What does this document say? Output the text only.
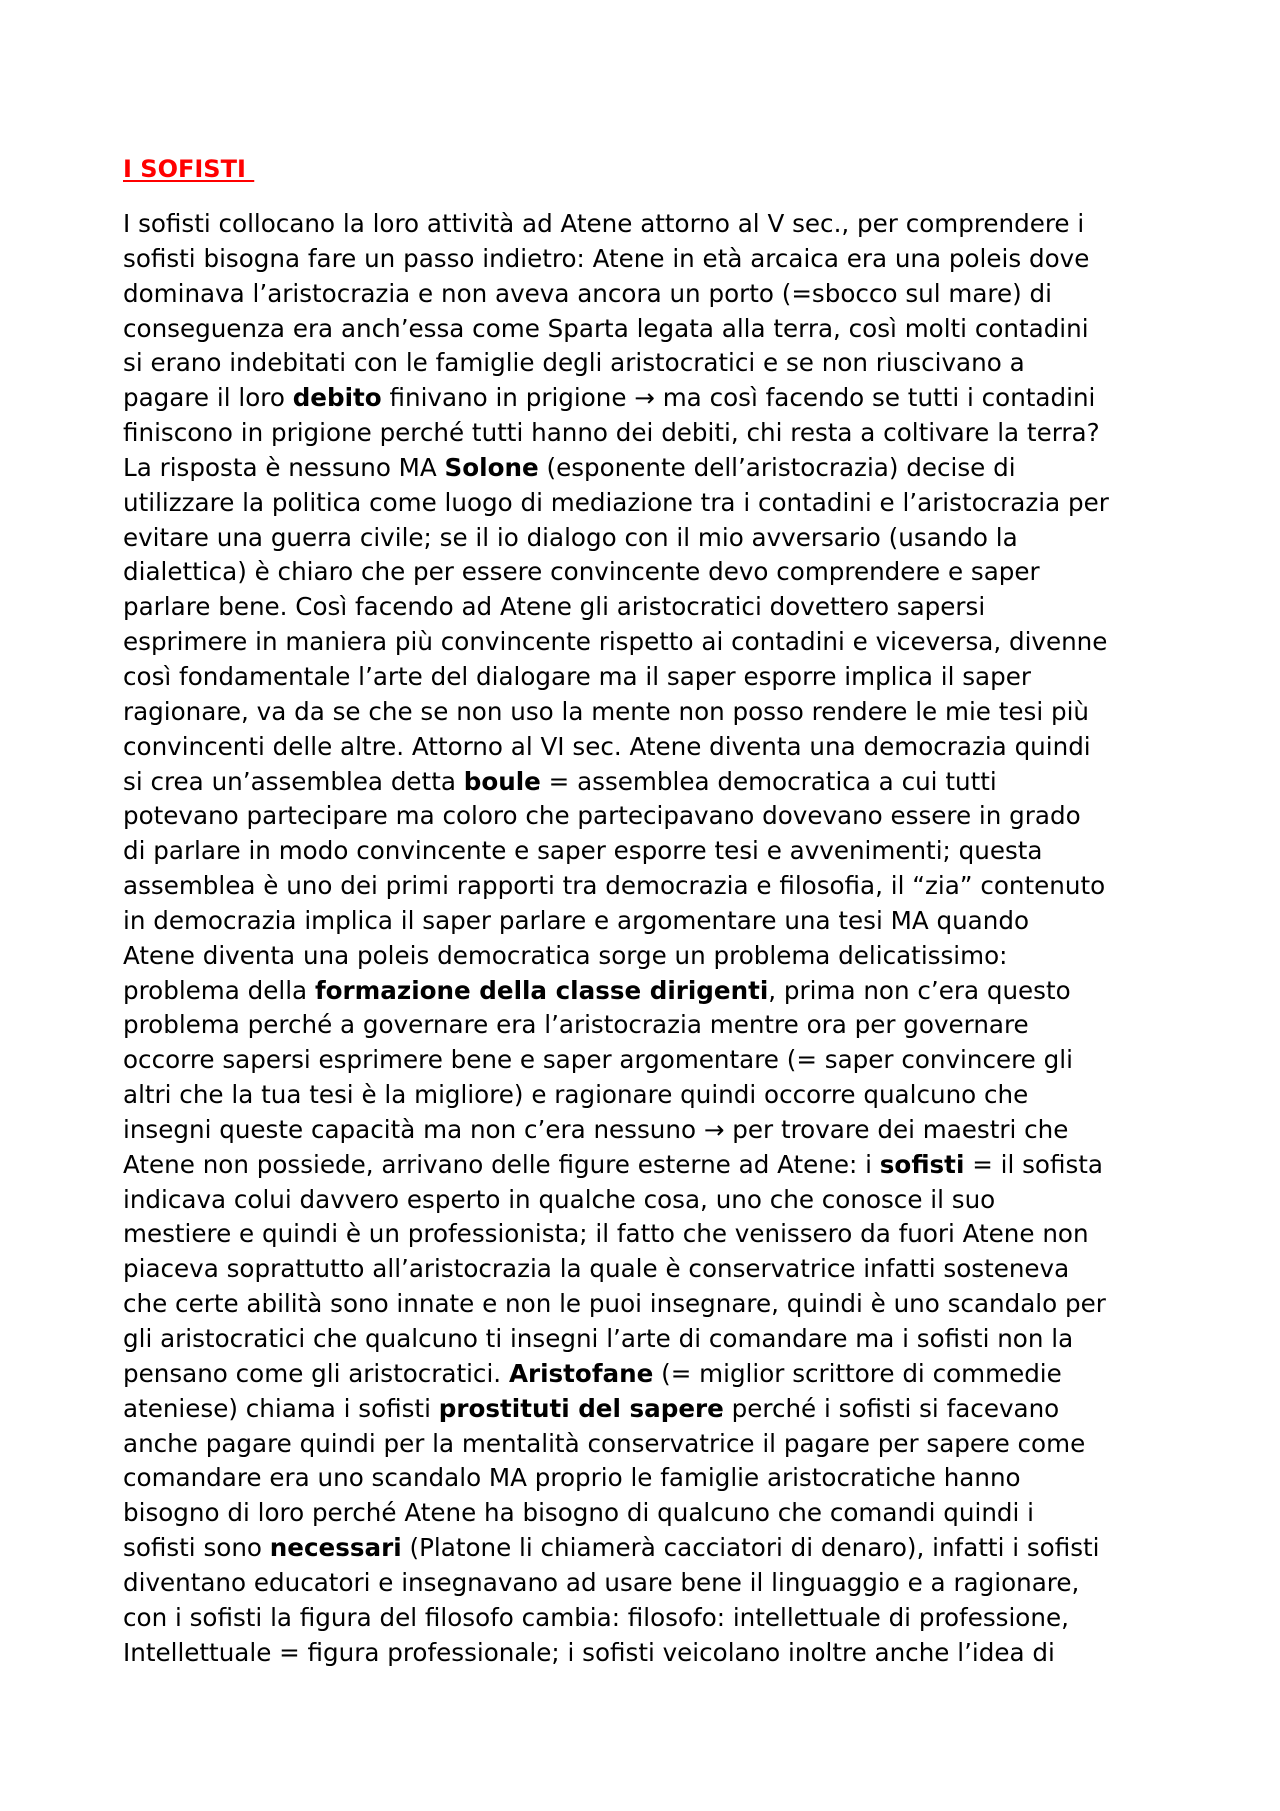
I SOFISTI
I sofisti collocano la loro attività ad Atene attorno al V sec., per comprendere i
sofisti bisogna fare un passo indietro: Atene in età arcaica era una poleis dove
dominava l’aristocrazia e non aveva ancora un porto (=sbocco sul mare) di
conseguenza era anch’essa come Sparta legata alla terra, così molti contadini
si erano indebitati con le famiglie degli aristocratici e se non riuscivano a
pagare il loro debito finivano in prigione → ma così facendo se tutti i contadini
finiscono in prigione perché tutti hanno dei debiti, chi resta a coltivare la terra?
La risposta è nessuno MA Solone (esponente dell’aristocrazia) decise di
utilizzare la politica come luogo di mediazione tra i contadini e l’aristocrazia per
evitare una guerra civile; se il io dialogo con il mio avversario (usando la
dialettica) è chiaro che per essere convincente devo comprendere e saper
parlare bene. Così facendo ad Atene gli aristocratici dovettero sapersi
esprimere in maniera più convincente rispetto ai contadini e viceversa, divenne
così fondamentale l’arte del dialogare ma il saper esporre implica il saper
ragionare, va da se che se non uso la mente non posso rendere le mie tesi più
convincenti delle altre. Attorno al VI sec. Atene diventa una democrazia quindi
si crea un’assemblea detta boule = assemblea democratica a cui tutti
potevano partecipare ma coloro che partecipavano dovevano essere in grado
di parlare in modo convincente e saper esporre tesi e avvenimenti; questa
assemblea è uno dei primi rapporti tra democrazia e filosofia, il “zia” contenuto
in democrazia implica il saper parlare e argomentare una tesi MA quando
Atene diventa una poleis democratica sorge un problema delicatissimo:
problema della formazione della classe dirigenti, prima non c’era questo
problema perché a governare era l’aristocrazia mentre ora per governare
occorre sapersi esprimere bene e saper argomentare (= saper convincere gli
altri che la tua tesi è la migliore) e ragionare quindi occorre qualcuno che
insegni queste capacità ma non c’era nessuno → per trovare dei maestri che
Atene non possiede, arrivano delle figure esterne ad Atene: i sofisti = il sofista
indicava colui davvero esperto in qualche cosa, uno che conosce il suo
mestiere e quindi è un professionista; il fatto che venissero da fuori Atene non
piaceva soprattutto all’aristocrazia la quale è conservatrice infatti sosteneva
che certe abilità sono innate e non le puoi insegnare, quindi è uno scandalo per
gli aristocratici che qualcuno ti insegni l’arte di comandare ma i sofisti non la
pensano come gli aristocratici. Aristofane (= miglior scrittore di commedie
ateniese) chiama i sofisti prostituti del sapere perché i sofisti si facevano
anche pagare quindi per la mentalità conservatrice il pagare per sapere come
comandare era uno scandalo MA proprio le famiglie aristocratiche hanno
bisogno di loro perché Atene ha bisogno di qualcuno che comandi quindi i
sofisti sono necessari (Platone li chiamerà cacciatori di denaro), infatti i sofisti
diventano educatori e insegnavano ad usare bene il linguaggio e a ragionare,
con i sofisti la figura del filosofo cambia: filosofo: intellettuale di professione,
Intellettuale = figura professionale; i sofisti veicolano inoltre anche l’idea di
